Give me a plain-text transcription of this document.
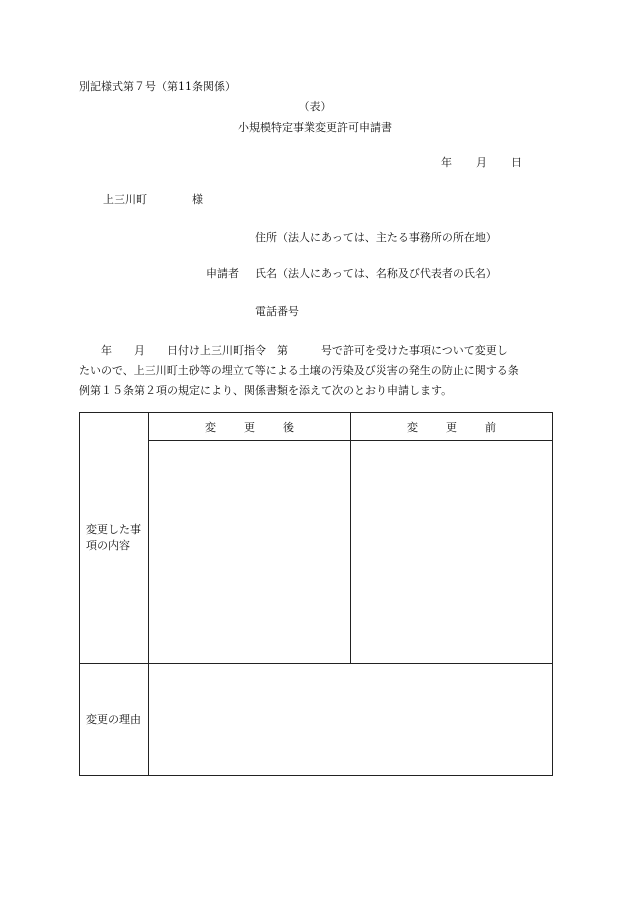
別記様式第７号（第11条関係）
（表）
小規模特定事業変更許可申請書
年 月 日
上三川町	様
住所（法人にあっては、主たる事務所の所在地）
申請者 氏名（法人にあっては、名称及び代表者の氏名）
電話番号
　　年　　月　　日付け上三川町指令　第　　　号で許可を受けた事項について変更し
たいので、上三川町土砂等の埋立て等による土壌の汚染及び災害の発生の防止に関する条
例第１５条第２項の規定により、関係書類を添えて次のとおり申請します。
変更した事項の内容	変更後	変更前

変更の理由		
